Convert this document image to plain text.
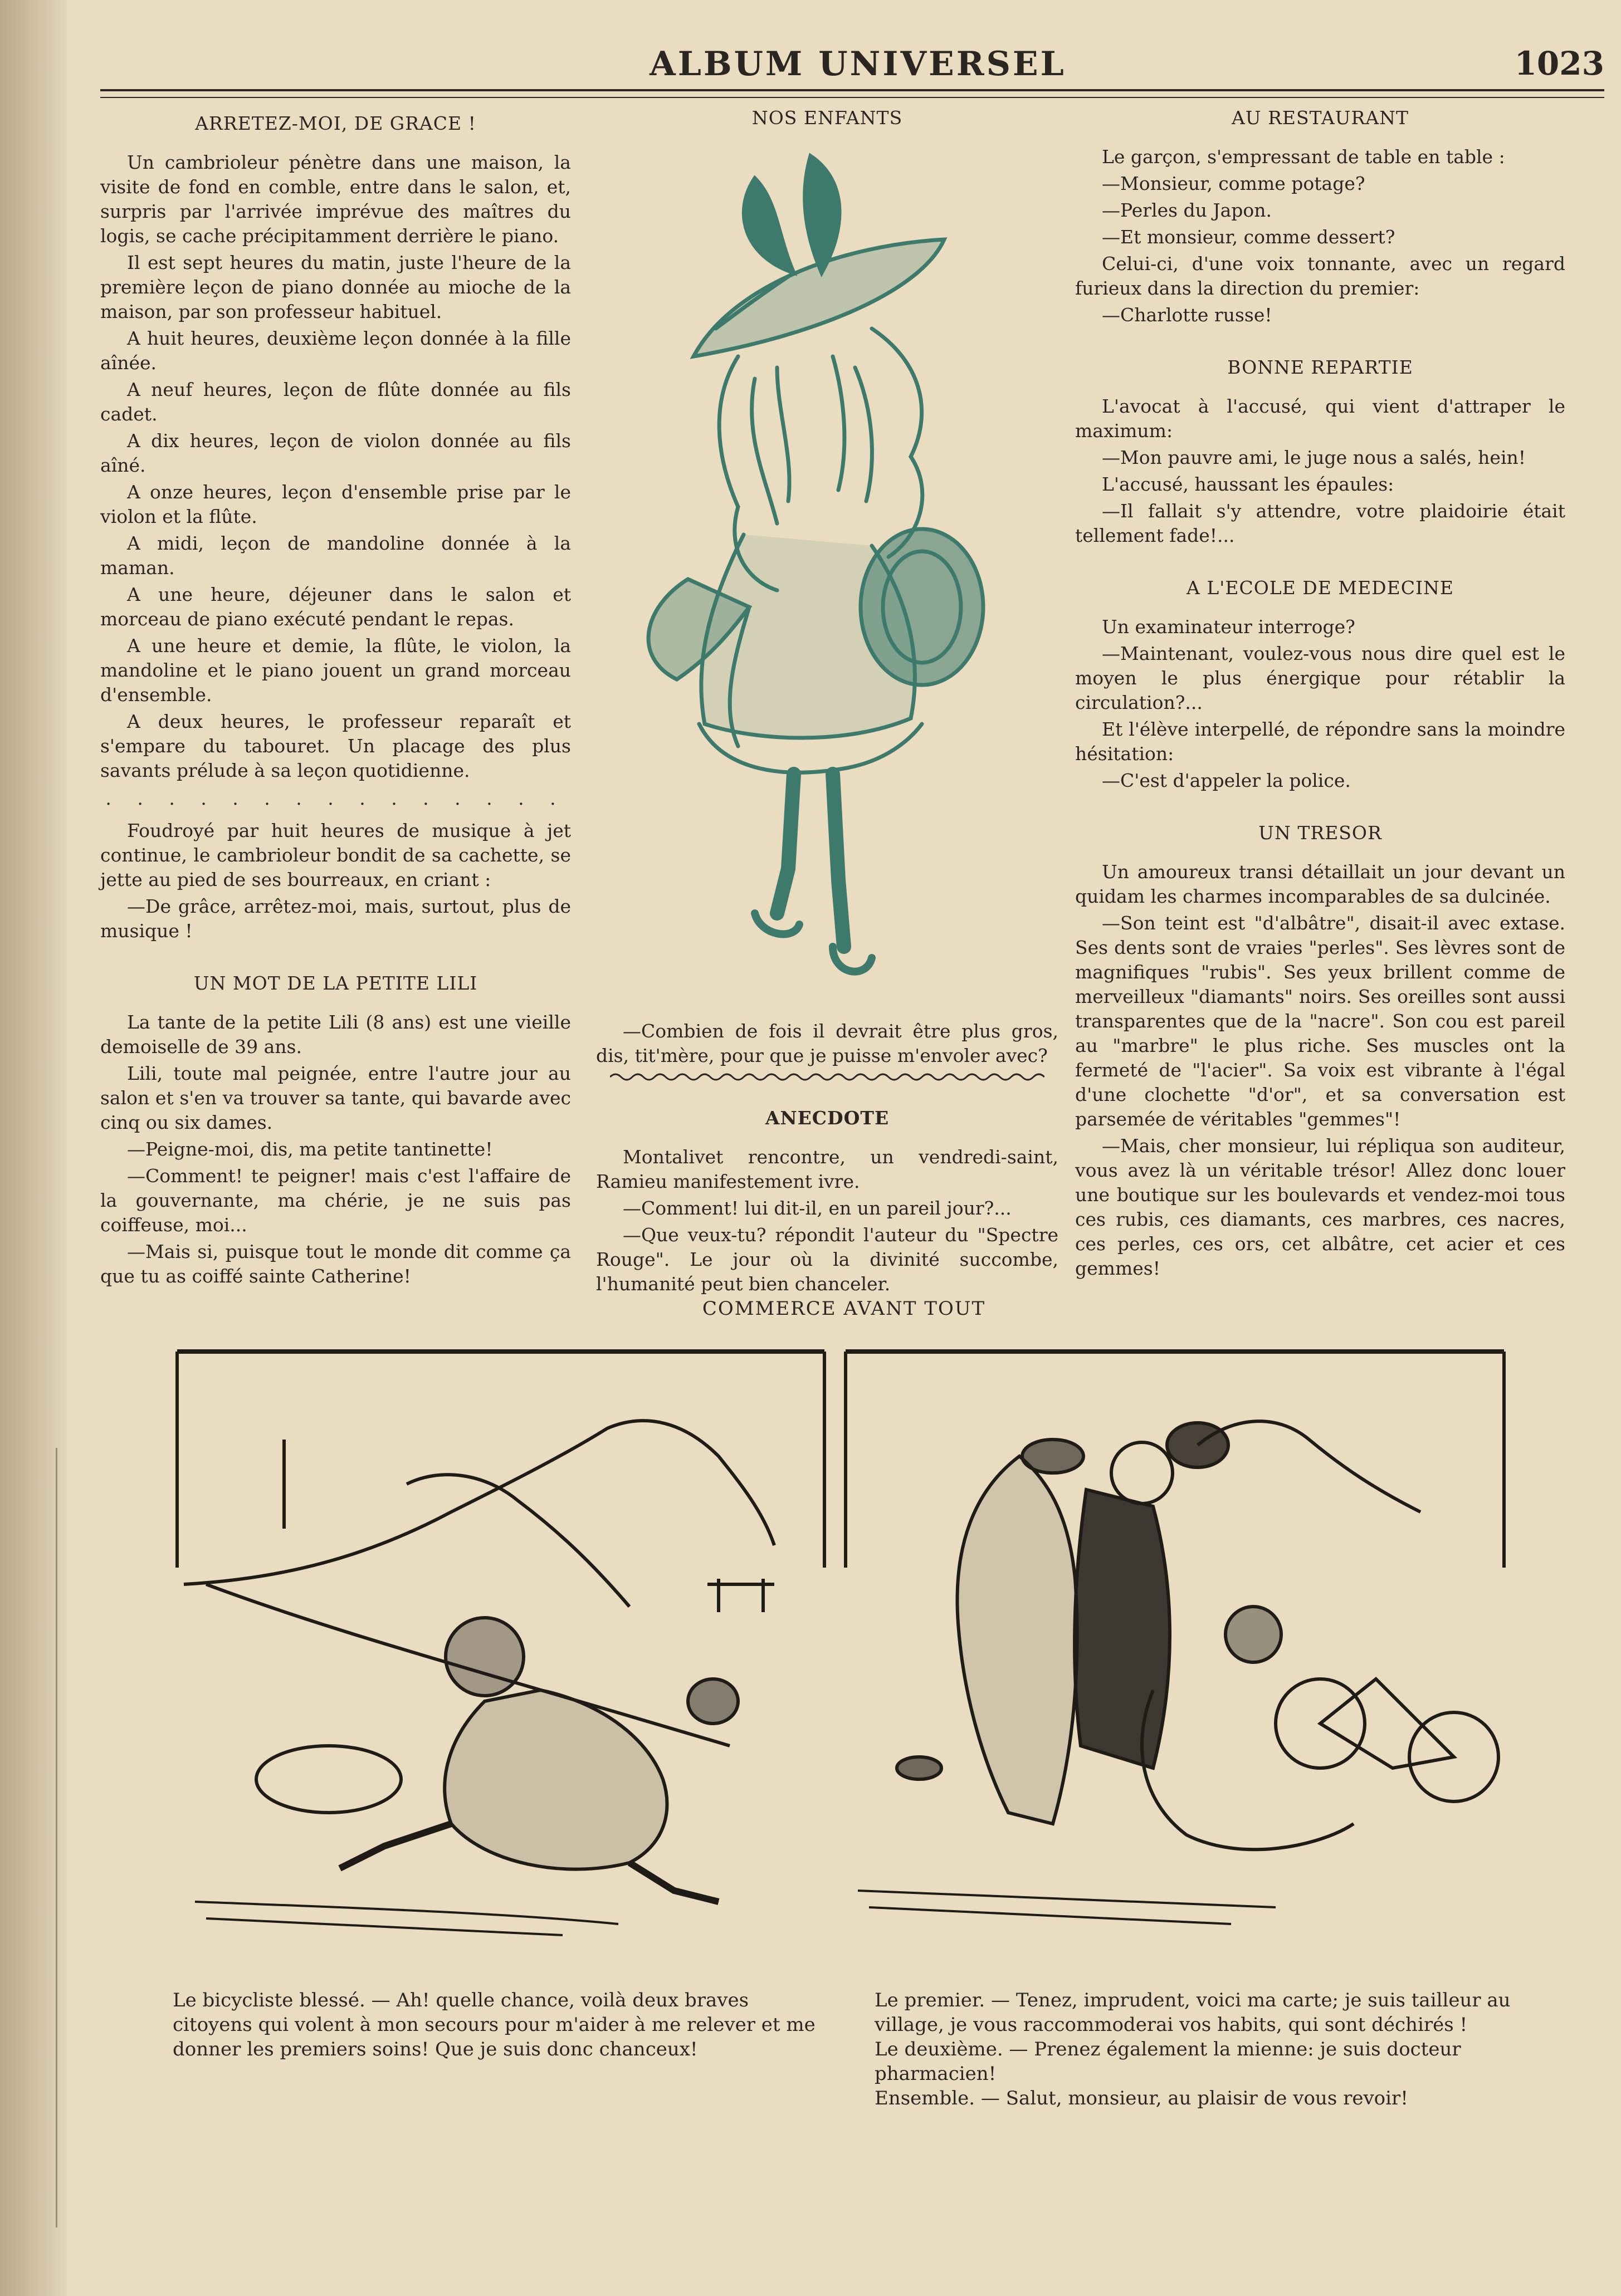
ALBUM UNIVERSEL	1023
ARRETEZ-MOI, DE GRACE !

Un cambrioleur pénètre dans une maison, la visite de fond en comble, entre dans le salon, et, surpris par l'arrivée imprévue des maîtres du logis, se cache précipitamment derrière le piano.

Il est sept heures du matin, juste l'heure de la première leçon de piano donnée au mioche de la maison, par son professeur habituel.

A huit heures, deuxième leçon donnée à la fille aînée.

A neuf heures, leçon de flûte donnée au fils cadet.

A dix heures, leçon de violon donnée au fils aîné.

A onze heures, leçon d'ensemble prise par le violon et la flûte.

A midi, leçon de mandoline donnée à la maman.

A une heure, déjeuner dans le salon et morceau de piano exécuté pendant le repas.

A une heure et demie, la flûte, le violon, la mandoline et le piano jouent un grand morceau d'ensemble.

A deux heures, le professeur reparaît et s'empare du tabouret. Un placage des plus savants prélude à sa leçon quotidienne.

. . . . . . . . . . . . . . .

Foudroyé par huit heures de musique à jet continue, le cambrioleur bondit de sa cachette, se jette au pied de ses bourreaux, en criant :

—De grâce, arrêtez-moi, mais, surtout, plus de musique !

UN MOT DE LA PETITE LILI

La tante de la petite Lili (8 ans) est une vieille demoiselle de 39 ans.

Lili, toute mal peignée, entre l'autre jour au salon et s'en va trouver sa tante, qui bavarde avec cinq ou six dames.

—Peigne-moi, dis, ma petite tantinette!

—Comment! te peigner! mais c'est l'affaire de la gouvernante, ma chérie, je ne suis pas coiffeuse, moi...

—Mais si, puisque tout le monde dit comme ça que tu as coiffé sainte Catherine!

NOS ENFANTS

—Combien de fois il devrait être plus gros, dis, tit'mère, pour que je puisse m'envoler avec?

ANECDOTE

Montalivet rencontre, un vendredi-saint, Ramieu manifestement ivre.

—Comment! lui dit-il, en un pareil jour?...

—Que veux-tu? répondit l'auteur du "Spectre Rouge". Le jour où la divinité succombe, l'humanité peut bien chanceler.

AU RESTAURANT

Le garçon, s'empressant de table en table :

—Monsieur, comme potage?

—Perles du Japon.

—Et monsieur, comme dessert?

Celui-ci, d'une voix tonnante, avec un regard furieux dans la direction du premier:

—Charlotte russe!

BONNE REPARTIE

L'avocat à l'accusé, qui vient d'attraper le maximum:

—Mon pauvre ami, le juge nous a salés, hein!

L'accusé, haussant les épaules:

—Il fallait s'y attendre, votre plaidoirie était tellement fade!...

A L'ECOLE DE MEDECINE

Un examinateur interroge?

—Maintenant, voulez-vous nous dire quel est le moyen le plus énergique pour rétablir la circulation?...

Et l'élève interpellé, de répondre sans la moindre hésitation:

—C'est d'appeler la police.

UN TRESOR

Un amoureux transi détaillait un jour devant un quidam les charmes incomparables de sa dulcinée.

—Son teint est "d'albâtre", disait-il avec extase. Ses dents sont de vraies "perles". Ses lèvres sont de magnifiques "rubis". Ses yeux brillent comme de merveilleux "diamants" noirs. Ses oreilles sont aussi transparentes que de la "nacre". Son cou est pareil au "marbre" le plus riche. Ses muscles ont la fermeté de "l'acier". Sa voix est vibrante à l'égal d'une clochette "d'or", et sa conversation est parsemée de véritables "gemmes"!

—Mais, cher monsieur, lui répliqua son auditeur, vous avez là un véritable trésor! Allez donc louer une boutique sur les boulevards et vendez-moi tous ces rubis, ces diamants, ces marbres, ces nacres, ces perles, ces ors, cet albâtre, cet acier et ces gemmes!

COMMERCE AVANT TOUT

Le bicycliste blessé. — Ah! quelle chance, voilà deux braves citoyens qui volent à mon secours pour m'aider à me relever et me donner les premiers soins! Que je suis donc chanceux!

Le premier. — Tenez, imprudent, voici ma carte; je suis tailleur au village, je vous raccommoderai vos habits, qui sont déchirés !

Le deuxième. — Prenez également la mienne: je suis docteur pharmacien!

Ensemble. — Salut, monsieur, au plaisir de vous revoir!
